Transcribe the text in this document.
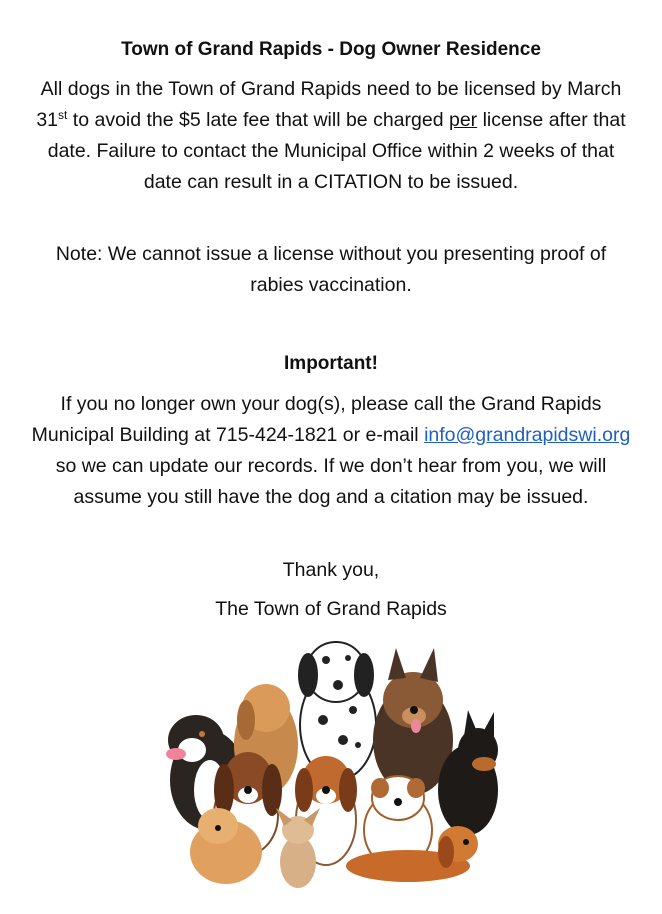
Town of Grand Rapids - Dog Owner Residence
All dogs in the Town of Grand Rapids need to be licensed by March 31st to avoid the $5 late fee that will be charged per license after that date. Failure to contact the Municipal Office within 2 weeks of that date can result in a CITATION to be issued.
Note: We cannot issue a license without you presenting proof of rabies vaccination.
Important!
If you no longer own your dog(s), please call the Grand Rapids Municipal Building at 715-424-1821 or e-mail info@grandrapidswi.org so we can update our records. If we don’t hear from you, we will assume you still have the dog and a citation may be issued.
Thank you,
The Town of Grand Rapids
